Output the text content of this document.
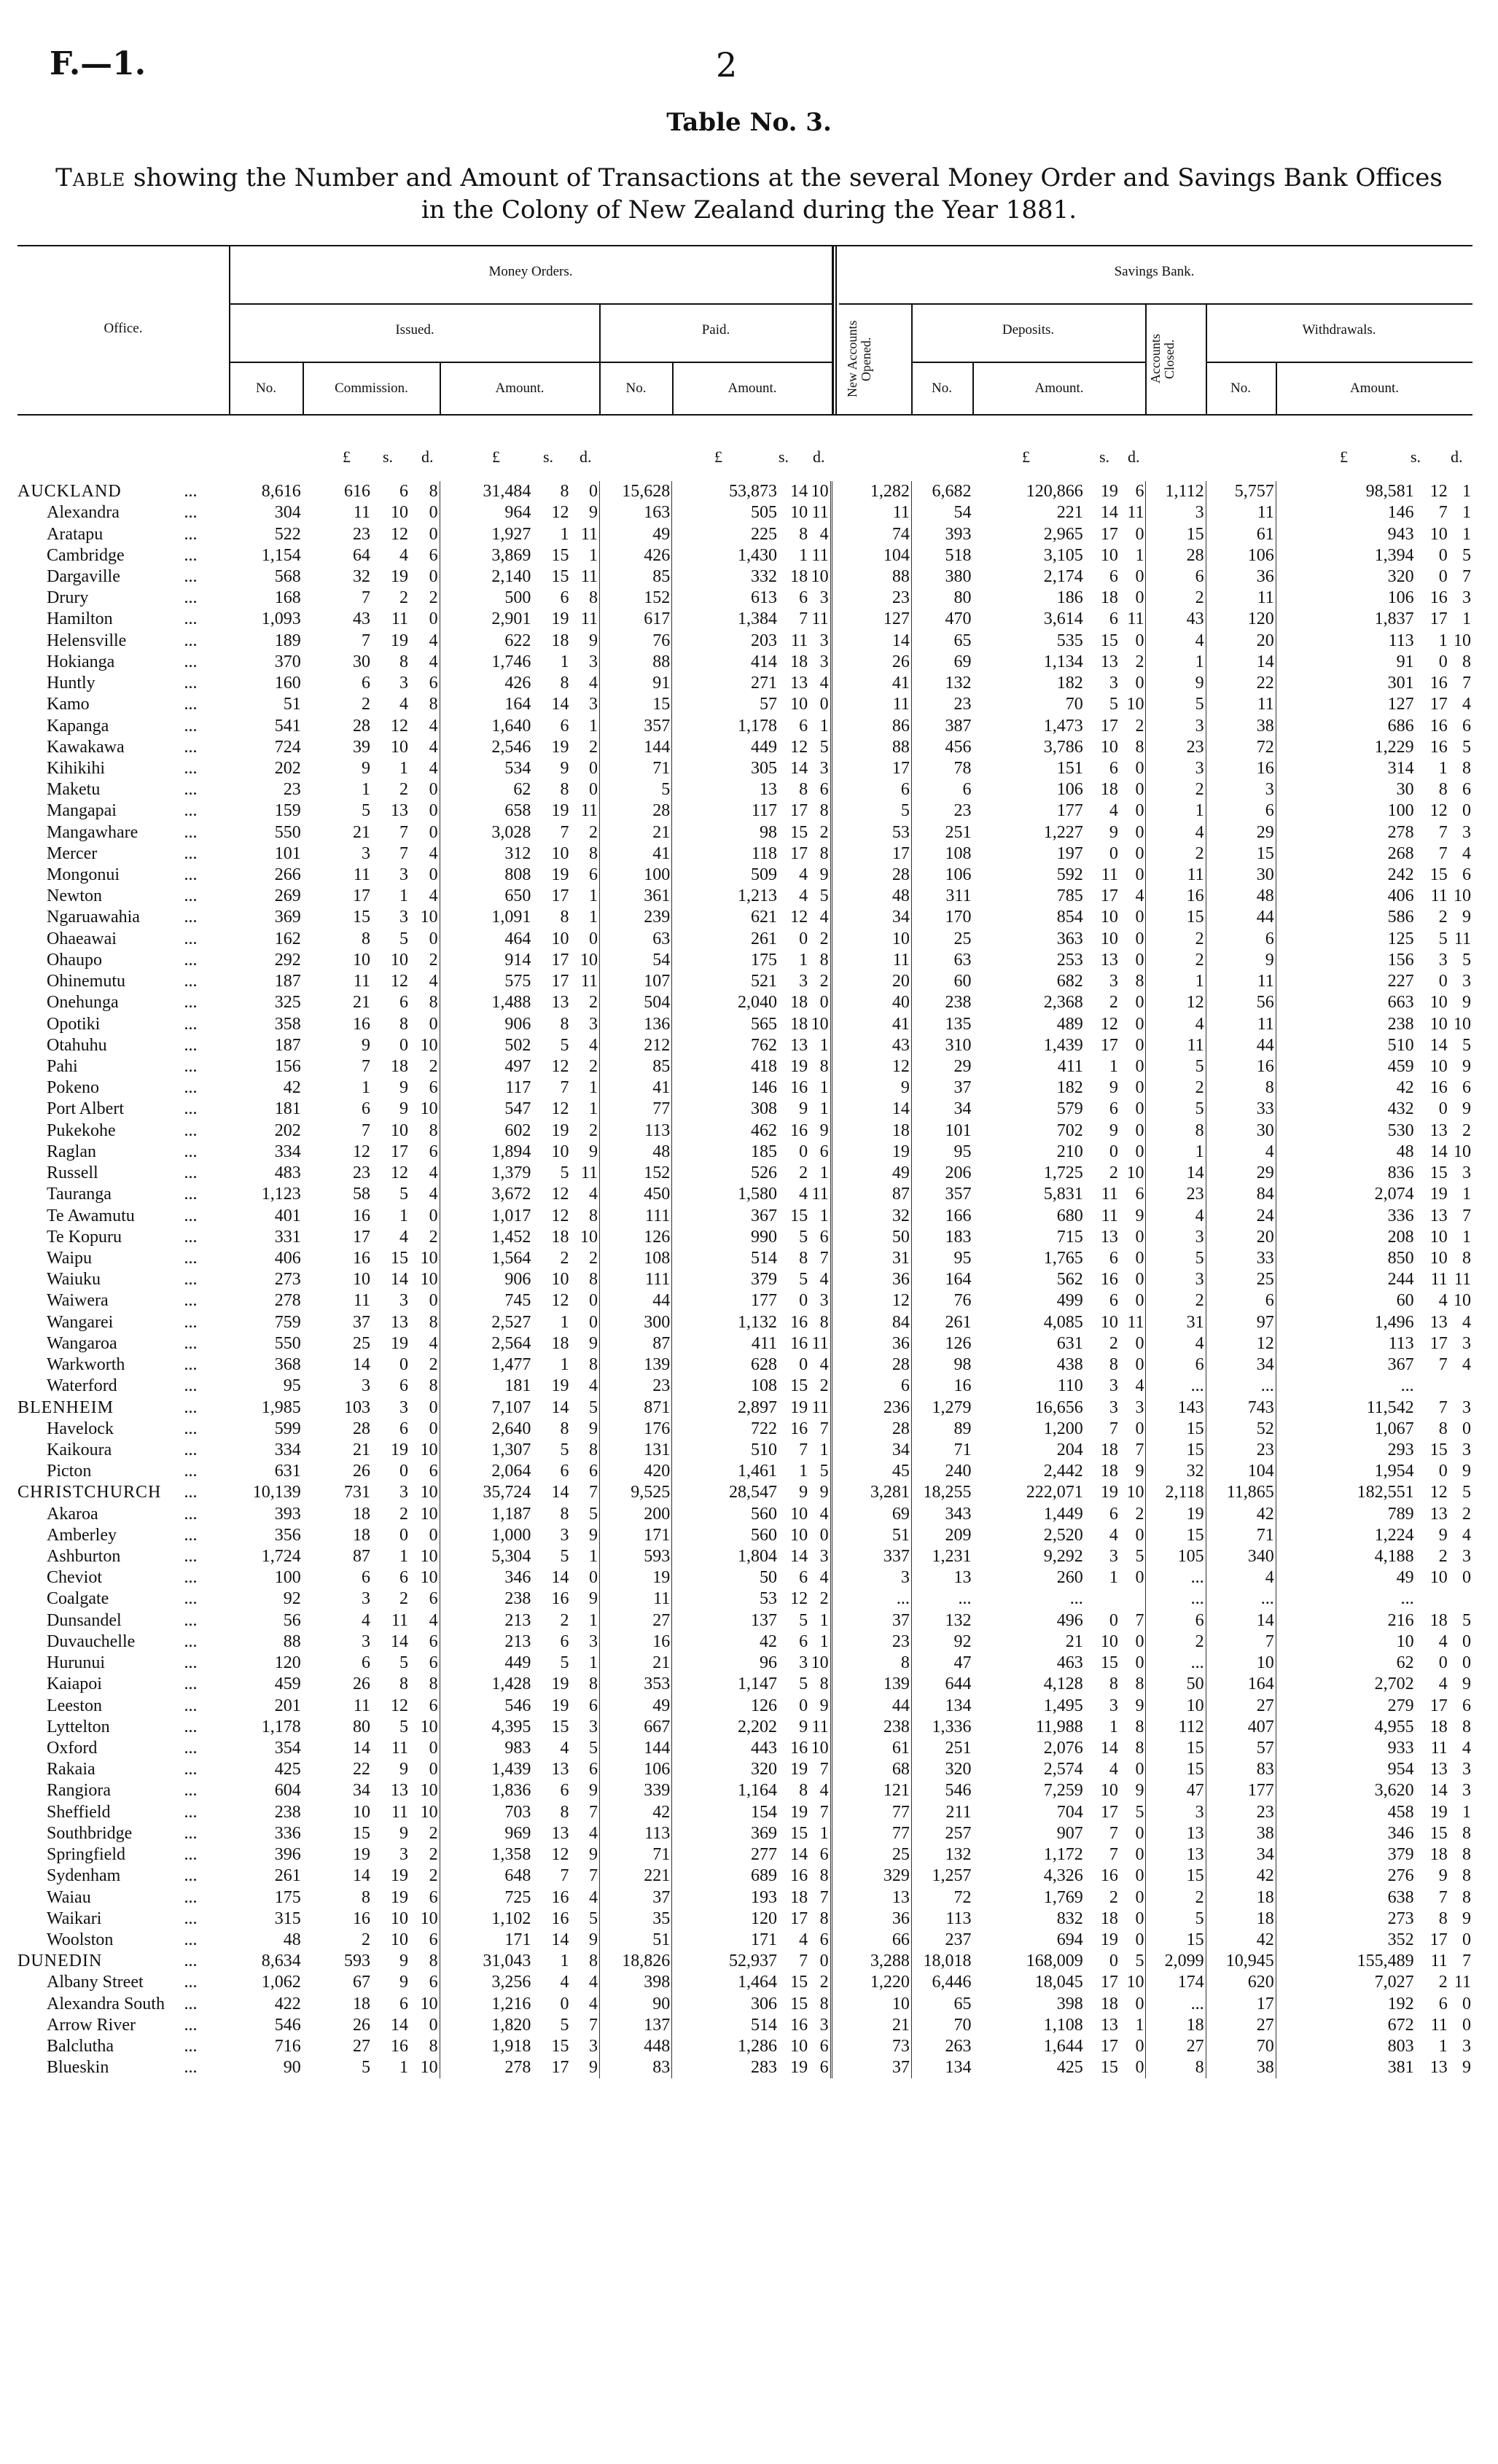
F.—1.	2
Table No. 3.
Table showing the Number and Amount of Transactions at the several Money Order and Savings Bank Offices
in the Colony of New Zealand during the Year 1881.
Office.
Money Orders.	Savings Bank.
Issued.	Paid.	Deposits.	Withdrawals.
New Accounts Opened.	Accounts Closed.
No.	Commission.	Amount.	No.	Amount.	No.	Amount.	No.	Amount.
£ s. d.	£	s. d.	£	s. d.	£	s. d.	£	s. d.
AUCKLAND	...	8,616	616	6	8	31,484	8	0	15,628	53,873	14	10	1,282	6,682	120,866	19	6	1,112	5,757	98,581	12	1
Alexandra	...	304	11	10	0	964	12	9	163	505	10	11	11	54	221	14	11	3	11	146	7	1
Aratapu	...	522	23	12	0	1,927	1	11	49	225	8	4	74	393	2,965	17	0	15	61	943	10	1
Cambridge	...	1,154	64	4	6	3,869	15	1	426	1,430	1	11	104	518	3,105	10	1	28	106	1,394	0	5
Dargaville	...	568	32	19	0	2,140	15	11	85	332	18	10	88	380	2,174	6	0	6	36	320	0	7
Drury	...	168	7	2	2	500	6	8	152	613	6	3	23	80	186	18	0	2	11	106	16	3
Hamilton	...	1,093	43	11	0	2,901	19	11	617	1,384	7	11	127	470	3,614	6	11	43	120	1,837	17	1
Helensville	...	189	7	19	4	622	18	9	76	203	11	3	14	65	535	15	0	4	20	113	1	10
Hokianga	...	370	30	8	4	1,746	1	3	88	414	18	3	26	69	1,134	13	2	1	14	91	0	8
Huntly	...	160	6	3	6	426	8	4	91	271	13	4	41	132	182	3	0	9	22	301	16	7
Kamo	...	51	2	4	8	164	14	3	15	57	10	0	11	23	70	5	10	5	11	127	17	4
Kapanga	...	541	28	12	4	1,640	6	1	357	1,178	6	1	86	387	1,473	17	2	3	38	686	16	6
Kawakawa	...	724	39	10	4	2,546	19	2	144	449	12	5	88	456	3,786	10	8	23	72	1,229	16	5
Kihikihi	...	202	9	1	4	534	9	0	71	305	14	3	17	78	151	6	0	3	16	314	1	8
Maketu	...	23	1	2	0	62	8	0	5	13	8	6	6	6	106	18	0	2	3	30	8	6
Mangapai	...	159	5	13	0	658	19	11	28	117	17	8	5	23	177	4	0	1	6	100	12	0
Mangawhare	...	550	21	7	0	3,028	7	2	21	98	15	2	53	251	1,227	9	0	4	29	278	7	3
Mercer	...	101	3	7	4	312	10	8	41	118	17	8	17	108	197	0	0	2	15	268	7	4
Mongonui	...	266	11	3	0	808	19	6	100	509	4	9	28	106	592	11	0	11	30	242	15	6
Newton	...	269	17	1	4	650	17	1	361	1,213	4	5	48	311	785	17	4	16	48	406	11	10
Ngaruawahia	...	369	15	3	10	1,091	8	1	239	621	12	4	34	170	854	10	0	15	44	586	2	9
Ohaeawai	...	162	8	5	0	464	10	0	63	261	0	2	10	25	363	10	0	2	6	125	5	11
Ohaupo	...	292	10	10	2	914	17	10	54	175	1	8	11	63	253	13	0	2	9	156	3	5
Ohinemutu	...	187	11	12	4	575	17	11	107	521	3	2	20	60	682	3	8	1	11	227	0	3
Onehunga	...	325	21	6	8	1,488	13	2	504	2,040	18	0	40	238	2,368	2	0	12	56	663	10	9
Opotiki	...	358	16	8	0	906	8	3	136	565	18	10	41	135	489	12	0	4	11	238	10	10
Otahuhu	...	187	9	0	10	502	5	4	212	762	13	1	43	310	1,439	17	0	11	44	510	14	5
Pahi	...	156	7	18	2	497	12	2	85	418	19	8	12	29	411	1	0	5	16	459	10	9
Pokeno	...	42	1	9	6	117	7	1	41	146	16	1	9	37	182	9	0	2	8	42	16	6
Port Albert	...	181	6	9	10	547	12	1	77	308	9	1	14	34	579	6	0	5	33	432	0	9
Pukekohe	...	202	7	10	8	602	19	2	113	462	16	9	18	101	702	9	0	8	30	530	13	2
Raglan	...	334	12	17	6	1,894	10	9	48	185	0	6	19	95	210	0	0	1	4	48	14	10
Russell	...	483	23	12	4	1,379	5	11	152	526	2	1	49	206	1,725	2	10	14	29	836	15	3
Tauranga	...	1,123	58	5	4	3,672	12	4	450	1,580	4	11	87	357	5,831	11	6	23	84	2,074	19	1
Te Awamutu	...	401	16	1	0	1,017	12	8	111	367	15	1	32	166	680	11	9	4	24	336	13	7
Te Kopuru	...	331	17	4	2	1,452	18	10	126	990	5	6	50	183	715	13	0	3	20	208	10	1
Waipu	...	406	16	15	10	1,564	2	2	108	514	8	7	31	95	1,765	6	0	5	33	850	10	8
Waiuku	...	273	10	14	10	906	10	8	111	379	5	4	36	164	562	16	0	3	25	244	11	11
Waiwera	...	278	11	3	0	745	12	0	44	177	0	3	12	76	499	6	0	2	6	60	4	10
Wangarei	...	759	37	13	8	2,527	1	0	300	1,132	16	8	84	261	4,085	10	11	31	97	1,496	13	4
Wangaroa	...	550	25	19	4	2,564	18	9	87	411	16	11	36	126	631	2	0	4	12	113	17	3
Warkworth	...	368	14	0	2	1,477	1	8	139	628	0	4	28	98	438	8	0	6	34	367	7	4
Waterford	...	95	3	6	8	181	19	4	23	108	15	2	6	16	110	3	4	...	...	...		
BLENHEIM	...	1,985	103	3	0	7,107	14	5	871	2,897	19	11	236	1,279	16,656	3	3	143	743	11,542	7	3
Havelock	...	599	28	6	0	2,640	8	9	176	722	16	7	28	89	1,200	7	0	15	52	1,067	8	0
Kaikoura	...	334	21	19	10	1,307	5	8	131	510	7	1	34	71	204	18	7	15	23	293	15	3
Picton	...	631	26	0	6	2,064	6	6	420	1,461	1	5	45	240	2,442	18	9	32	104	1,954	0	9
CHRISTCHURCH	...	10,139	731	3	10	35,724	14	7	9,525	28,547	9	9	3,281	18,255	222,071	19	10	2,118	11,865	182,551	12	5
Akaroa	...	393	18	2	10	1,187	8	5	200	560	10	4	69	343	1,449	6	2	19	42	789	13	2
Amberley	...	356	18	0	0	1,000	3	9	171	560	10	0	51	209	2,520	4	0	15	71	1,224	9	4
Ashburton	...	1,724	87	1	10	5,304	5	1	593	1,804	14	3	337	1,231	9,292	3	5	105	340	4,188	2	3
Cheviot	...	100	6	6	10	346	14	0	19	50	6	4	3	13	260	1	0	...	4	49	10	0
Coalgate	...	92	3	2	6	238	16	9	11	53	12	2	...	...	...			...	...	...		
Dunsandel	...	56	4	11	4	213	2	1	27	137	5	1	37	132	496	0	7	6	14	216	18	5
Duvauchelle	...	88	3	14	6	213	6	3	16	42	6	1	23	92	21	10	0	2	7	10	4	0
Hurunui	...	120	6	5	6	449	5	1	21	96	3	10	8	47	463	15	0	...	10	62	0	0
Kaiapoi	...	459	26	8	8	1,428	19	8	353	1,147	5	8	139	644	4,128	8	8	50	164	2,702	4	9
Leeston	...	201	11	12	6	546	19	6	49	126	0	9	44	134	1,495	3	9	10	27	279	17	6
Lyttelton	...	1,178	80	5	10	4,395	15	3	667	2,202	9	11	238	1,336	11,988	1	8	112	407	4,955	18	8
Oxford	...	354	14	11	0	983	4	5	144	443	16	10	61	251	2,076	14	8	15	57	933	11	4
Rakaia	...	425	22	9	0	1,439	13	6	106	320	19	7	68	320	2,574	4	0	15	83	954	13	3
Rangiora	...	604	34	13	10	1,836	6	9	339	1,164	8	4	121	546	7,259	10	9	47	177	3,620	14	3
Sheffield	...	238	10	11	10	703	8	7	42	154	19	7	77	211	704	17	5	3	23	458	19	1
Southbridge	...	336	15	9	2	969	13	4	113	369	15	1	77	257	907	7	0	13	38	346	15	8
Springfield	...	396	19	3	2	1,358	12	9	71	277	14	6	25	132	1,172	7	0	13	34	379	18	8
Sydenham	...	261	14	19	2	648	7	7	221	689	16	8	329	1,257	4,326	16	0	15	42	276	9	8
Waiau	...	175	8	19	6	725	16	4	37	193	18	7	13	72	1,769	2	0	2	18	638	7	8
Waikari	...	315	16	10	10	1,102	16	5	35	120	17	8	36	113	832	18	0	5	18	273	8	9
Woolston	...	48	2	10	6	171	14	9	51	171	4	6	66	237	694	19	0	15	42	352	17	0
DUNEDIN	...	8,634	593	9	8	31,043	1	8	18,826	52,937	7	0	3,288	18,018	168,009	0	5	2,099	10,945	155,489	11	7
Albany Street	...	1,062	67	9	6	3,256	4	4	398	1,464	15	2	1,220	6,446	18,045	17	10	174	620	7,027	2	11
Alexandra South	...	422	18	6	10	1,216	0	4	90	306	15	8	10	65	398	18	0	...	17	192	6	0
Arrow River	...	546	26	14	0	1,820	5	7	137	514	16	3	21	70	1,108	13	1	18	27	672	11	0
Balclutha	...	716	27	16	8	1,918	15	3	448	1,286	10	6	73	263	1,644	17	0	27	70	803	1	3
Blueskin	...	90	5	1	10	278	17	9	83	283	19	6	37	134	425	15	0	8	38	381	13	9
